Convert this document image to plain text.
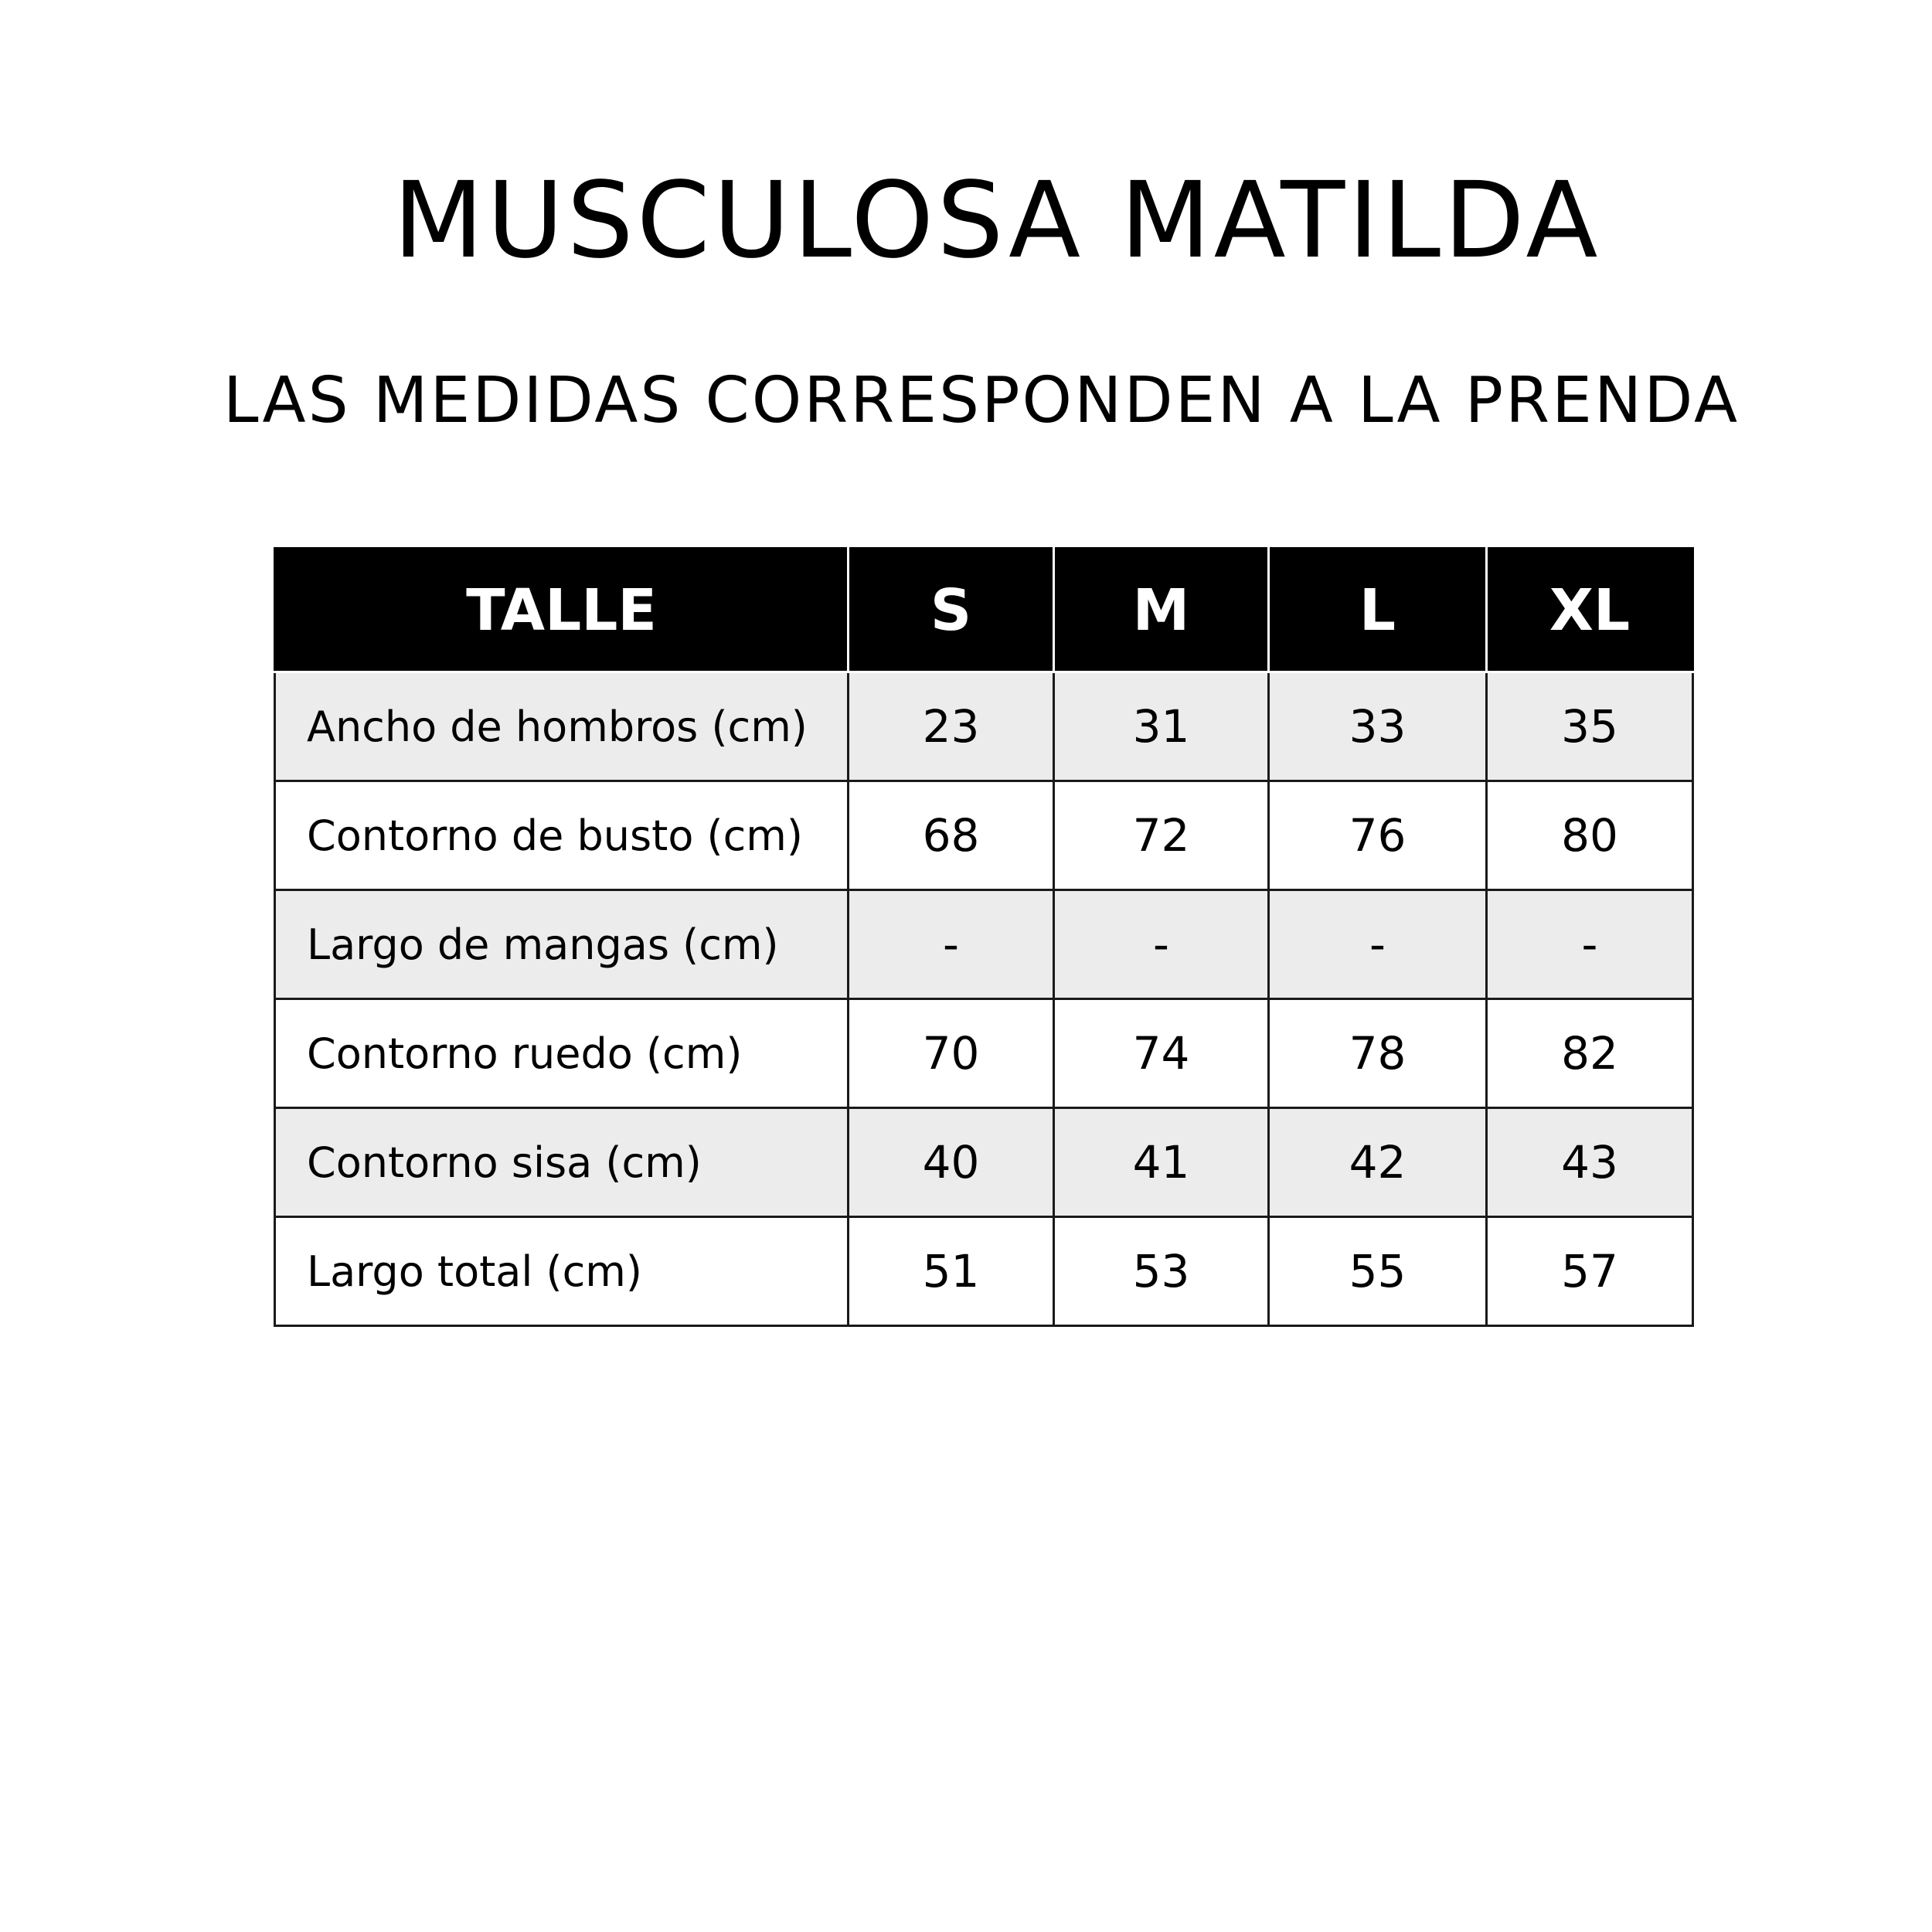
MUSCULOSA MATILDA
LAS MEDIDAS CORRESPONDEN A LA PRENDA
TALLE	S	M	L	XL
Ancho de hombros (cm)	23	31	33	35
Contorno de busto (cm)	68	72	76	80
Largo de mangas (cm)	-	-	-	-
Contorno ruedo (cm)	70	74	78	82
Contorno sisa (cm)	40	41	42	43
Largo total (cm)	51	53	55	57
